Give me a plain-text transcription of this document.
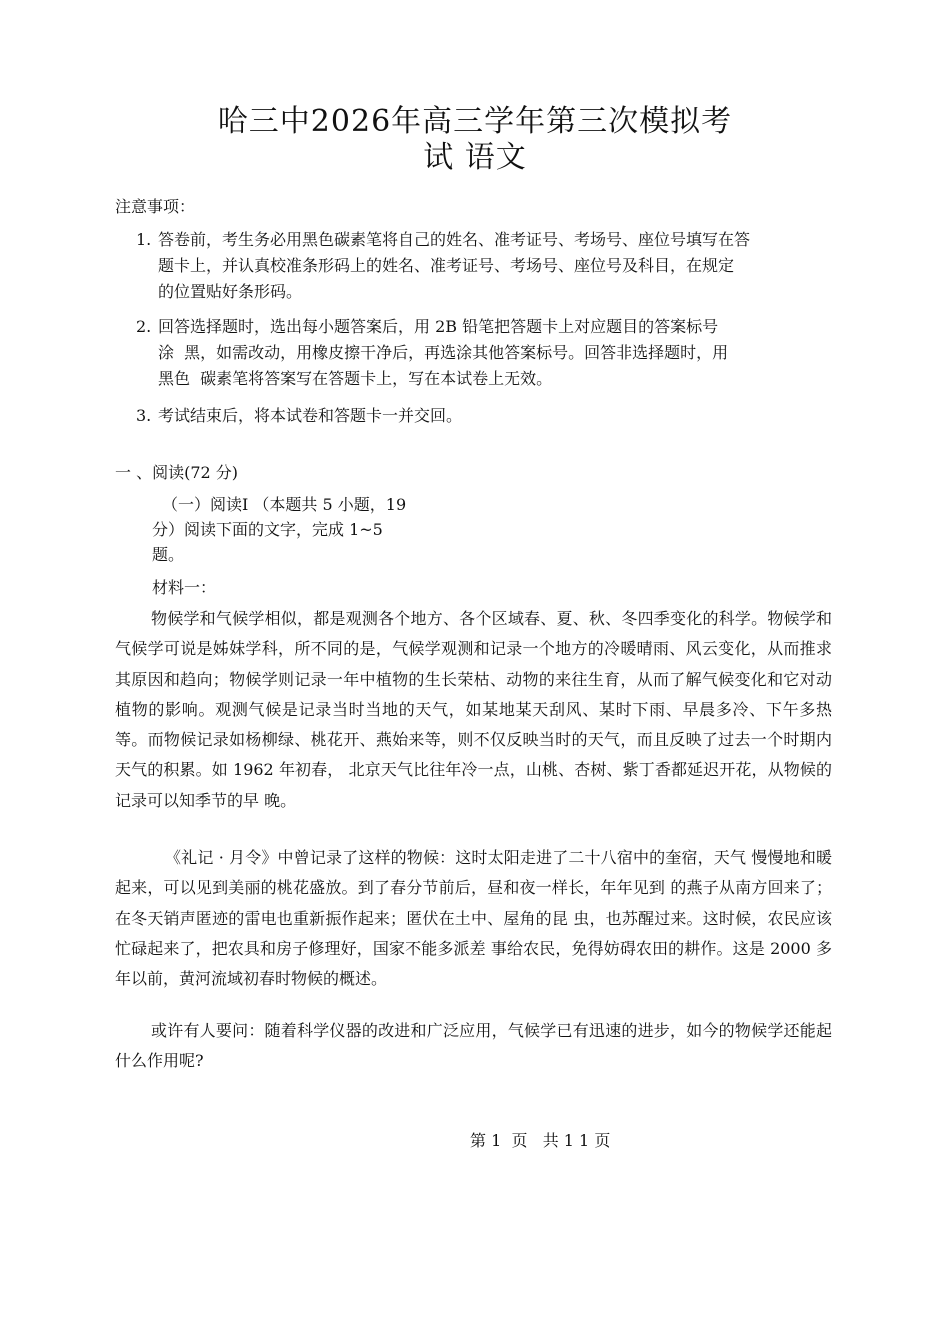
哈三中2026年高三学年第三次模拟考
试 语文
注意事项：
1. 答卷前，考生务必用黑色碳素笔将自己的姓名、准考证号、考场号、座位号填写在答
题卡上，并认真校准条形码上的姓名、准考证号、考场号、座位号及科目，在规定
的位置贴好条形码。
2. 回答选择题时，选出每小题答案后，用 2B 铅笔把答题卡上对应题目的答案标号
涂  黑，如需改动，用橡皮擦干净后，再选涂其他答案标号。回答非选择题时，用
黑色  碳素笔将答案写在答题卡上，写在本试卷上无效。
3. 考试结束后，将本试卷和答题卡一并交回。
一 、阅读(72 分)
（一）阅读Ⅰ （本题共 5 小题，19
分）阅读下面的文字，完成 1~5
题。
材料一：
物候学和气候学相似，都是观测各个地方、各个区域春、夏、秋、冬四季变化的科学。物候学和气候学可说是姊妹学科，所不同的是，气候学观测和记录一个地方的冷暖晴雨、风云变化，从而推求其原因和趋向；物候学则记录一年中植物的生长荣枯、动物的来往生育，从而了解气候变化和它对动植物的影响。观测气候是记录当时当地的天气，如某地某天刮风、某时下雨、早晨多冷、下午多热等。而物候记录如杨柳绿、桃花开、燕始来等，则不仅反映当时的天气，而且反映了过去一个时期内天气的积累。如 1962 年初春， 北京天气比往年冷一点，山桃、杏树、紫丁香都延迟开花，从物候的记录可以知季节的早 晚。
《礼记 · 月令》中曾记录了这样的物候：这时太阳走进了二十八宿中的奎宿，天气 慢慢地和暖起来，可以见到美丽的桃花盛放。到了春分节前后，昼和夜一样长，年年见到 的燕子从南方回来了；在冬天销声匿迹的雷电也重新振作起来；匿伏在土中、屋角的昆 虫，也苏醒过来。这时候，农民应该忙碌起来了，把农具和房子修理好，国家不能多派差 事给农民，免得妨碍农田的耕作。这是 2000 多年以前，黄河流域初春时物候的概述。
或许有人要问：随着科学仪器的改进和广泛应用，气候学已有迅速的进步，如今的物候学还能起什么作用呢?
第 1  页   共 1 1 页
